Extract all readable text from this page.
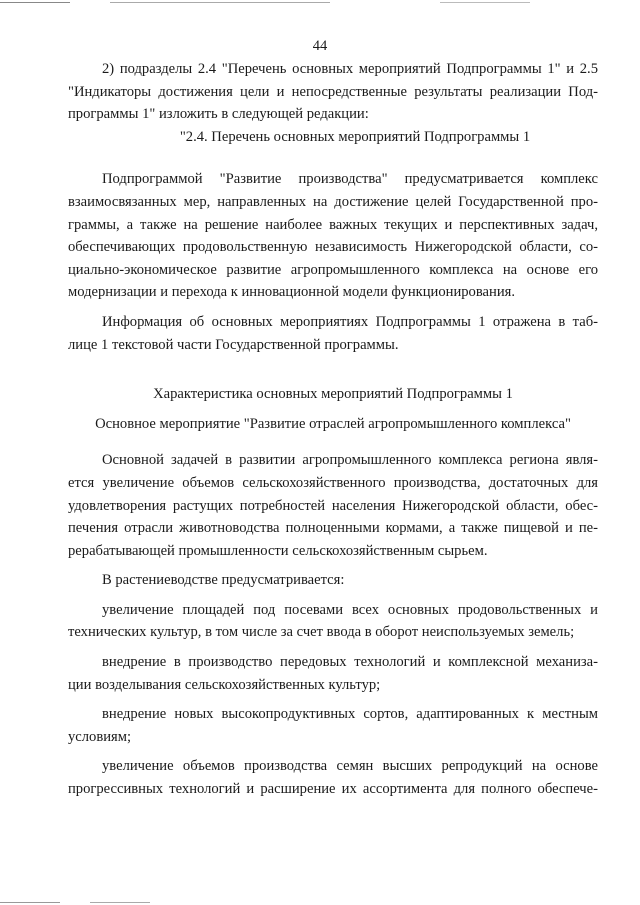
44
2) подразделы 2.4 "Перечень основных мероприятий Подпрограммы 1" и 2.5
"Индикаторы достижения цели и непосредственные результаты реализации Под-
программы 1" изложить в следующей редакции:
"2.4. Перечень основных мероприятий Подпрограммы 1
Подпрограммой "Развитие производства" предусматривается комплекс
взаимосвязанных мер, направленных на достижение целей Государственной про-
граммы, а также на решение наиболее важных текущих и перспективных задач,
обеспечивающих продовольственную независимость Нижегородской области, со-
циально-экономическое развитие агропромышленного комплекса на основе его
модернизации и перехода к инновационной модели функционирования.
Информация об основных мероприятиях Подпрограммы 1 отражена в таб-
лице 1 текстовой части Государственной программы.
Характеристика основных мероприятий Подпрограммы 1
Основное мероприятие "Развитие отраслей агропромышленного комплекса"
Основной задачей в развитии агропромышленного комплекса региона явля-
ется увеличение объемов сельскохозяйственного производства, достаточных для
удовлетворения растущих потребностей населения Нижегородской области, обес-
печения отрасли животноводства полноценными кормами, а также пищевой и пе-
рерабатывающей промышленности сельскохозяйственным сырьем.
В растениеводстве предусматривается:
увеличение площадей под посевами всех основных продовольственных и
технических культур, в том числе за счет ввода в оборот неиспользуемых земель;
внедрение в производство передовых технологий и комплексной механиза-
ции возделывания сельскохозяйственных культур;
внедрение новых высокопродуктивных сортов, адаптированных к местным
условиям;
увеличение объемов производства семян высших репродукций на основе
прогрессивных технологий и расширение их ассортимента для полного обеспече-
